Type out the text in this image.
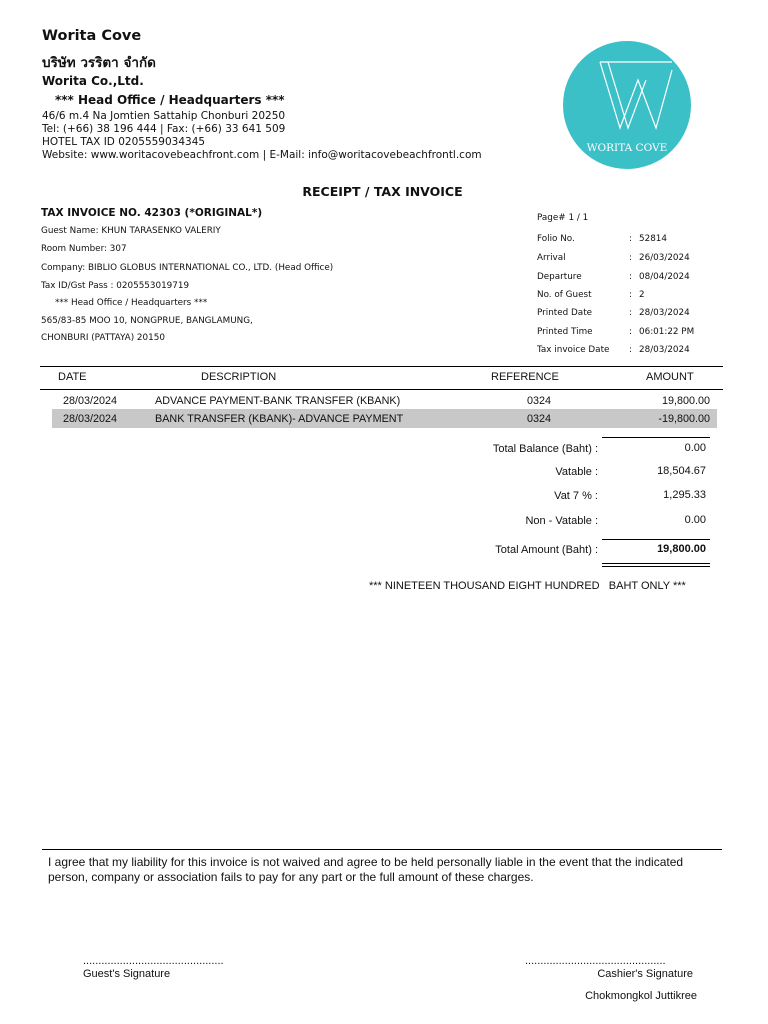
Worita Cove
บริษัท วรริตา จำกัด
Worita Co.,Ltd.
*** Head Office / Headquarters ***
46/6 m.4 Na Jomtien Sattahip Chonburi 20250
Tel: (+66) 38 196 444 | Fax: (+66) 33 641 509
HOTEL TAX ID 0205559034345
Website: www.woritacovebeachfront.com | E-Mail: info@woritacovebeachfrontl.com
WORITA COVE
RECEIPT / TAX INVOICE
TAX INVOICE NO. 42303 (*ORIGINAL*)
Guest Name: KHUN TARASENKO VALERIY
Room Number: 307
Company: BIBLIO GLOBUS INTERNATIONAL CO., LTD. (Head Office)
Tax ID/Gst Pass : 0205553019719
*** Head Office / Headquarters ***
565/83-85 MOO 10, NONGPRUE, BANGLAMUNG,
CHONBURI (PATTAYA) 20150
Page# 1 / 1
Folio No.	: 52814
Arrival	: 26/03/2024
Departure	: 08/04/2024
No. of Guest	: 2
Printed Date	: 28/03/2024
Printed Time	: 06:01:22 PM
Tax invoice Date : 28/03/2024
DATE	DESCRIPTION	REFERENCE	AMOUNT
28/03/2024	ADVANCE PAYMENT-BANK TRANSFER (KBANK)	0324	19,800.00
28/03/2024	BANK TRANSFER (KBANK)- ADVANCE PAYMENT	0324	-19,800.00
Total Balance (Baht) :	0.00
Vatable :	18,504.67
Vat 7 % :	1,295.33
Non - Vatable :	0.00
Total Amount (Baht) :	19,800.00
*** NINETEEN THOUSAND EIGHT HUNDRED   BAHT ONLY ***
I agree that my liability for this invoice is not waived and agree to be held personally liable in the event that the indicated
person, company or association fails to pay for any part or the full amount of these charges.
..............................................
Guest's Signature
..............................................
Cashier's Signature
Chokmongkol Juttikree
